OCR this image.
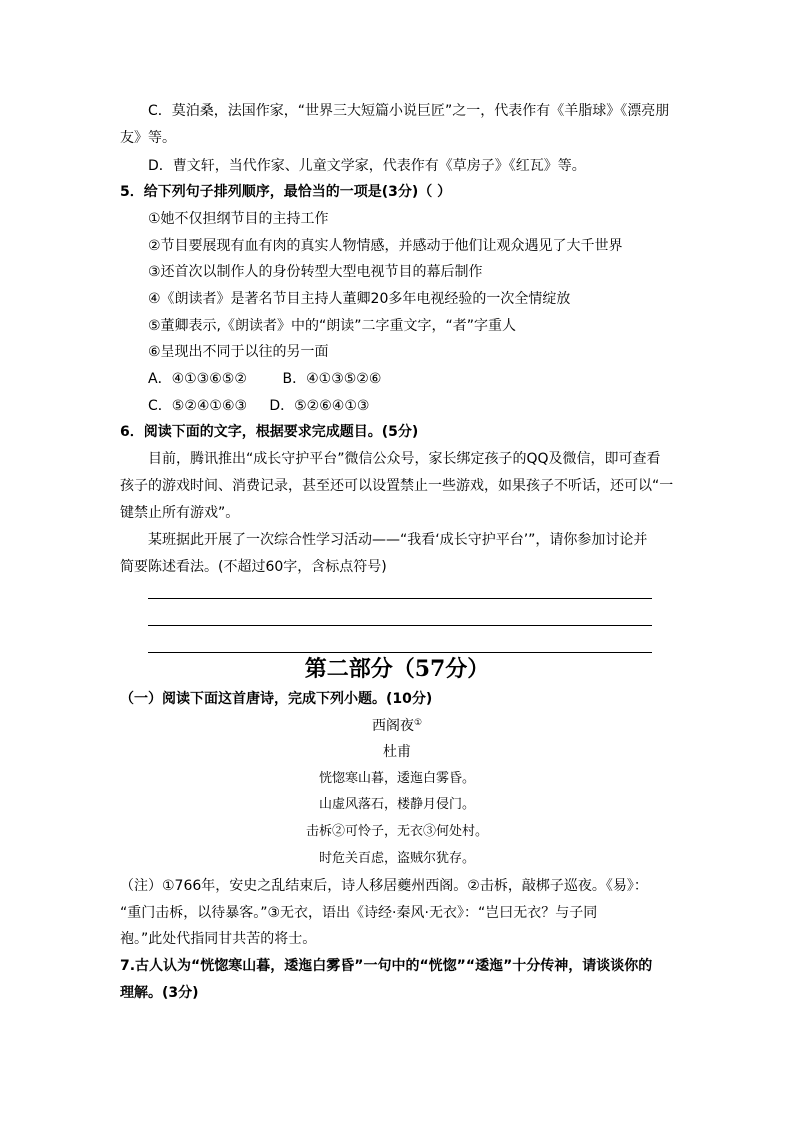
C．莫泊桑，法国作家，“世界三大短篇小说巨匠”之一，代表作有《羊脂球》《漂亮朋
友》等。
D．曹文轩，当代作家、儿童文学家，代表作有《草房子》《红瓦》等。
5．给下列句子排列顺序，最恰当的一项是(3分)（ ）
①她不仅担纲节目的主持工作
②节目要展现有血有肉的真实人物情感，并感动于他们让观众遇见了大千世界
③还首次以制作人的身份转型大型电视节目的幕后制作
④《朗读者》是著名节目主持人董卿20多年电视经验的一次全情绽放
⑤董卿表示,《朗读者》中的“朗读”二字重文字，“者”字重人
⑥呈现出不同于以往的另一面
A．④①③⑥⑤②        B．④①③⑤②⑥
C．⑤②④①⑥③     D．⑤②⑥④①③
6．阅读下面的文字，根据要求完成题目。(5分)
目前，腾讯推出“成长守护平台”微信公众号，家长绑定孩子的QQ及微信，即可查看
孩子的游戏时间、消费记录，甚至还可以设置禁止一些游戏，如果孩子不听话，还可以“一
键禁止所有游戏”。
某班据此开展了一次综合性学习活动——“我看‘成长守护平台’”，请你参加讨论并
简要陈述看法。(不超过60字，含标点符号)
第二部分（57分）
（一）阅读下面这首唐诗，完成下列小题。(10分)
西阁夜①
杜甫
恍惚寒山暮，逶迤白雾昏。
山虚风落石，楼静月侵门。
击柝②可怜子，无衣③何处村。
时危关百虑，盗贼尔犹存。
（注）①766年，安史之乱结束后，诗人移居夔州西阁。②击柝，敲梆子巡夜。《易》：
“重门击柝，以待暴客。”③无衣，语出《诗经·秦风·无衣》：“岂曰无衣？与子同
袍。”此处代指同甘共苦的将士。
7.古人认为“恍惚寒山暮，逶迤白雾昏”一句中的“恍惚”“逶迤”十分传神，请谈谈你的
理解。(3分)
